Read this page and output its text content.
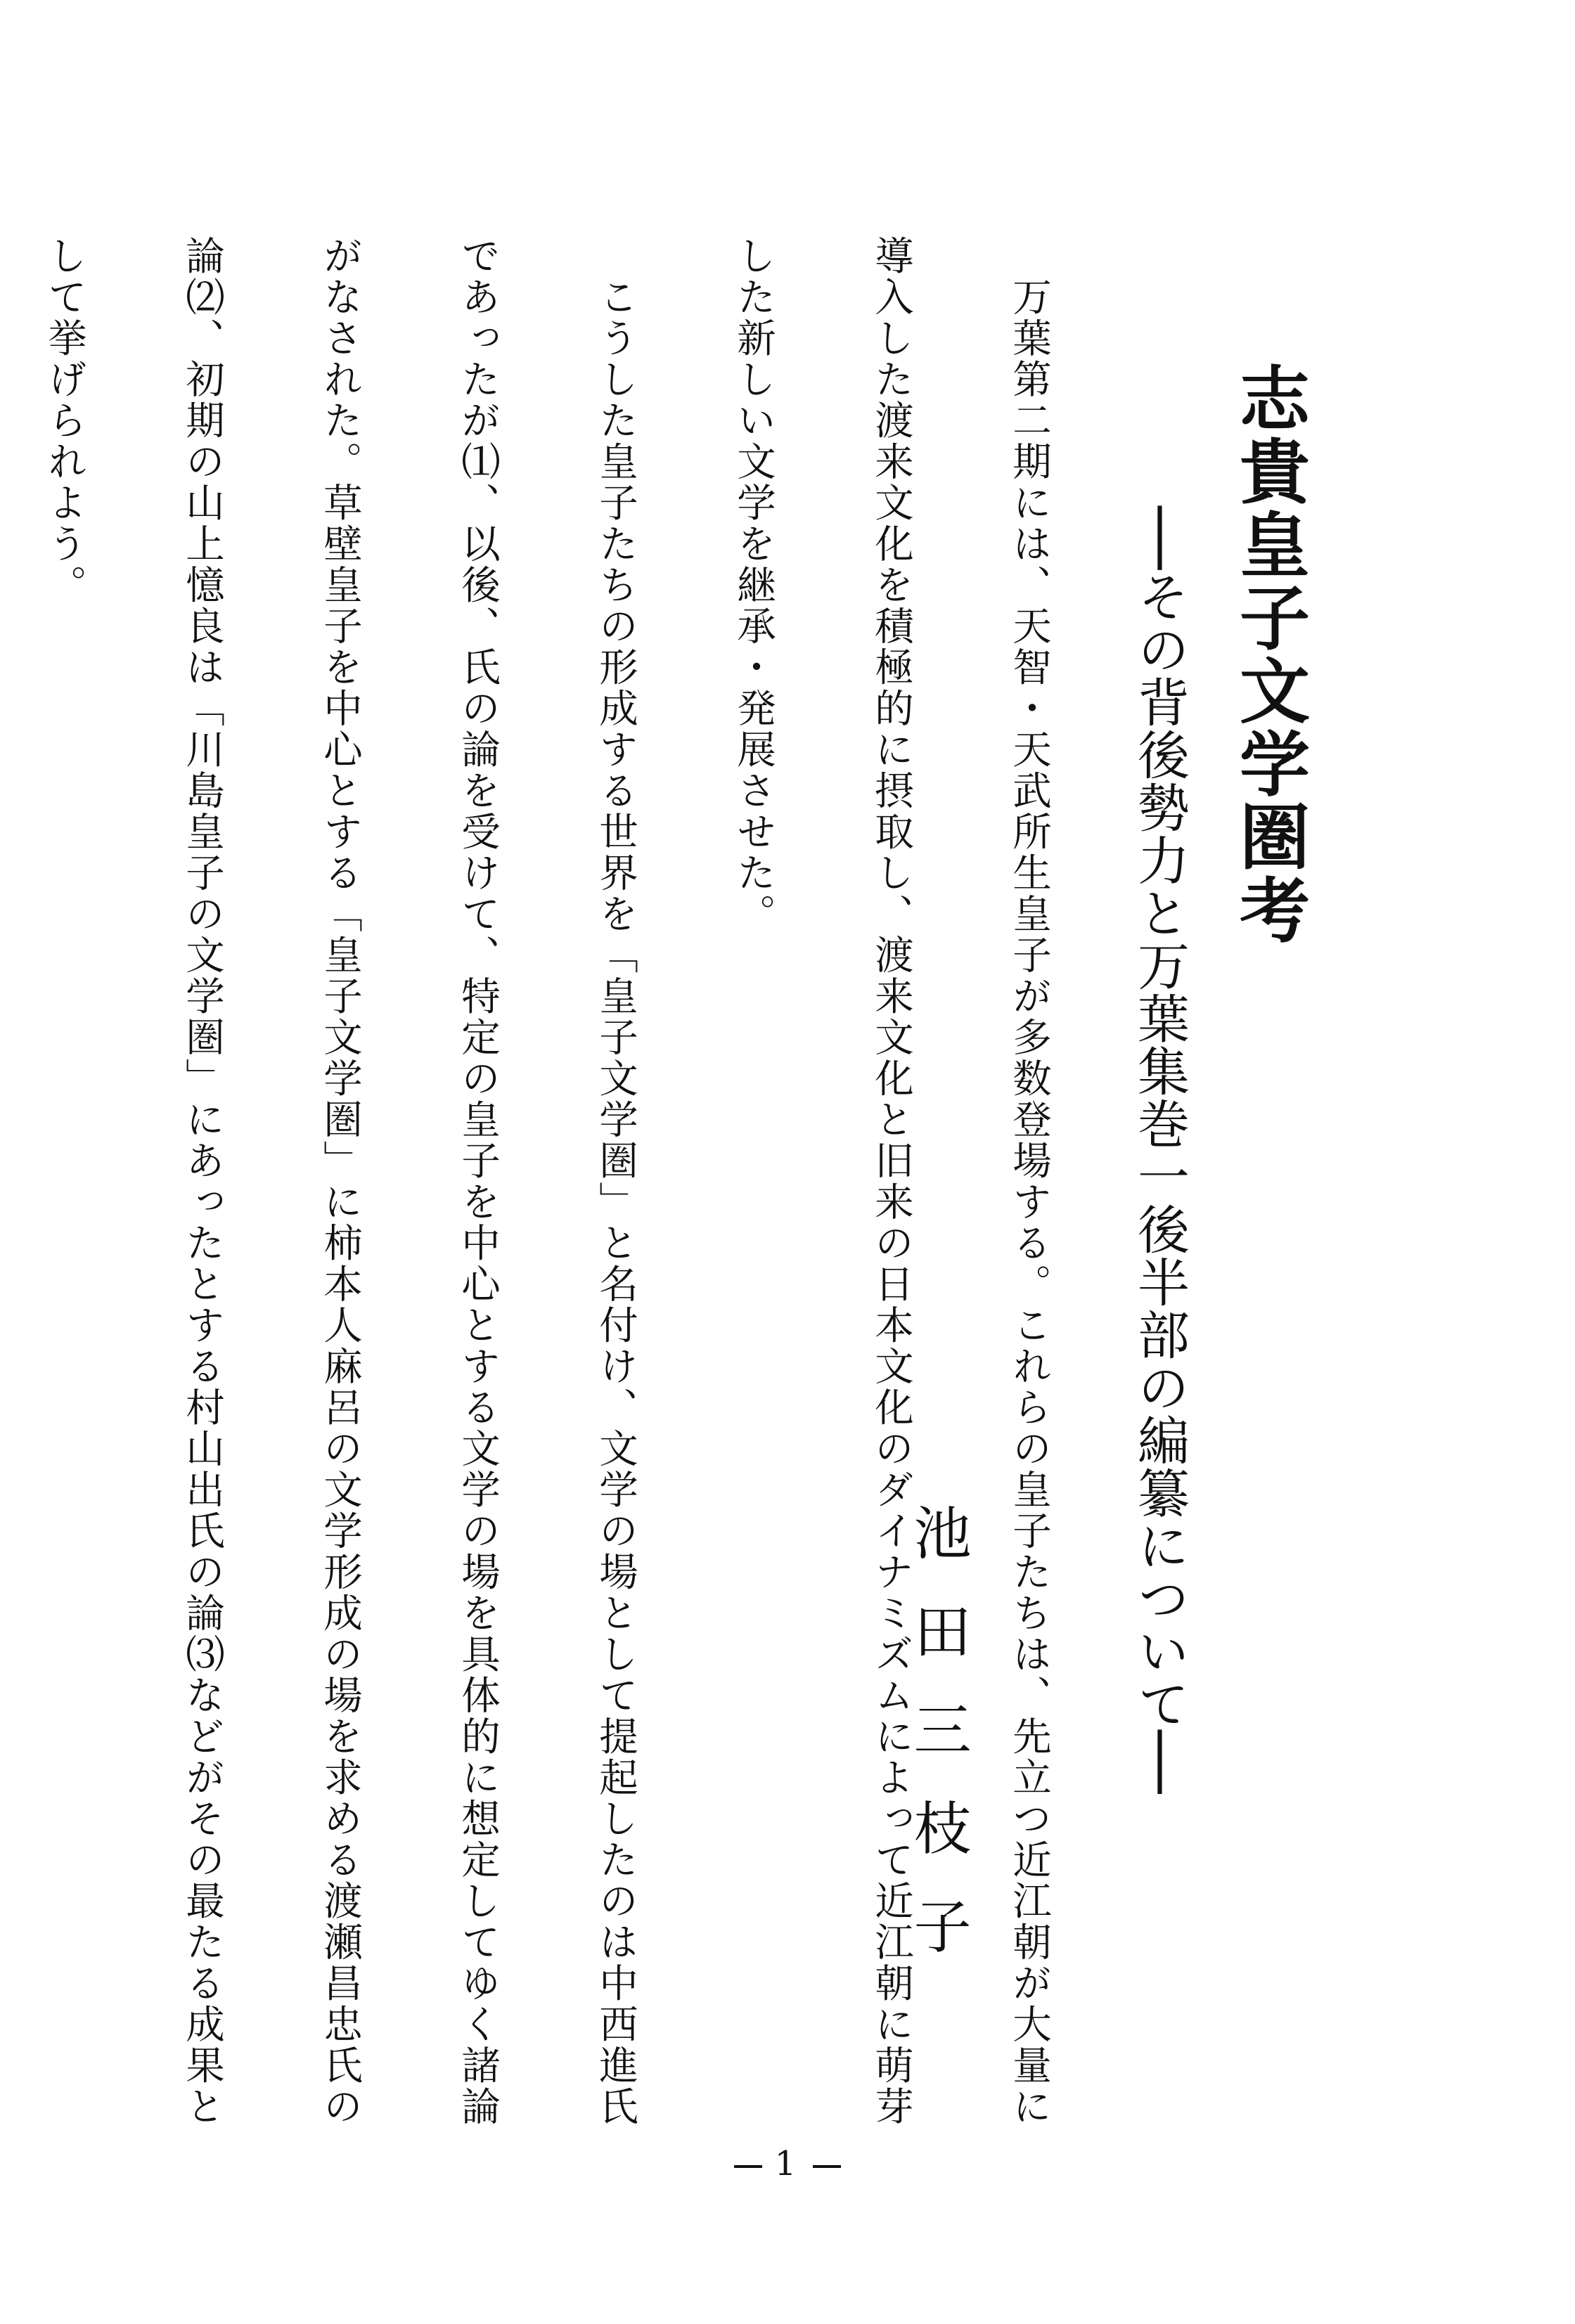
志貴皇子文学圏考
──その背後勢力と万葉集巻一後半部の編纂について──
池田三枝子 　万葉第二期には、天智・天武所生皇子が多数登場する。これらの皇子たちは、先立つ近江朝が大量に導入した渡来文化を積極的に摂取し、渡来文化と旧来の日本文化のダイナミズムによって近江朝に萌芽した新しい文学を継承・発展させた。

　こうした皇子たちの形成する世界を「皇子文学圏」と名付け、文学の場として提起したのは中西進氏であったが⑴、以後、氏の論を受けて、特定の皇子を中心とする文学の場を具体的に想定してゆく諸論がなされた。草壁皇子を中心とする「皇子文学圏」に柿本人麻呂の文学形成の場を求める渡瀬昌忠氏の論⑵、初期の山上憶良は「川島皇子の文学圏」にあったとする村山出氏の論⑶などがその最たる成果として挙げられよう。

1
